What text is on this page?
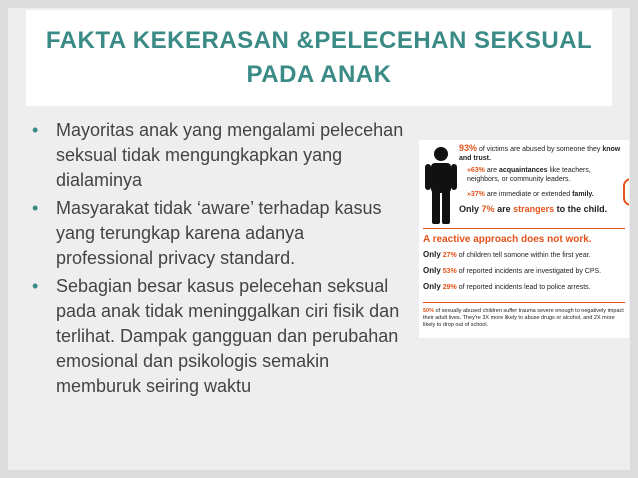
FAKTA KEKERASAN &PELECEHAN SEKSUAL PADA ANAK
• Mayoritas anak yang mengalami pelecehan seksual tidak mengungkapkan yang dialaminya
• Masyarakat tidak ‘aware’ terhadap kasus yang terungkap karena adanya professional privacy standard.
• Sebagian besar kasus pelecehan seksual pada anak tidak meninggalkan ciri fisik dan terlihat. Dampak gangguan dan perubahan emosional dan psikologis semakin memburuk seiring waktu
93% of victims are abused by someone they know and trust.
»63% are acquaintances like teachers, neighbors, or community leaders.
»37% are immediate or extended family.
Only 7% are strangers to the child.
A reactive approach does not work.
Only 27% of children tell somone within the first year.
Only 53% of reported incidents are investigated by CPS.
Only 29% of reported incidents lead to police arrests.
50% of sexually abused children suffer trauma severe enough to negatively impact their adult lives. They're 3X more likely to abuse drugs or alcohol, and 2X more likely to drop out of school.
